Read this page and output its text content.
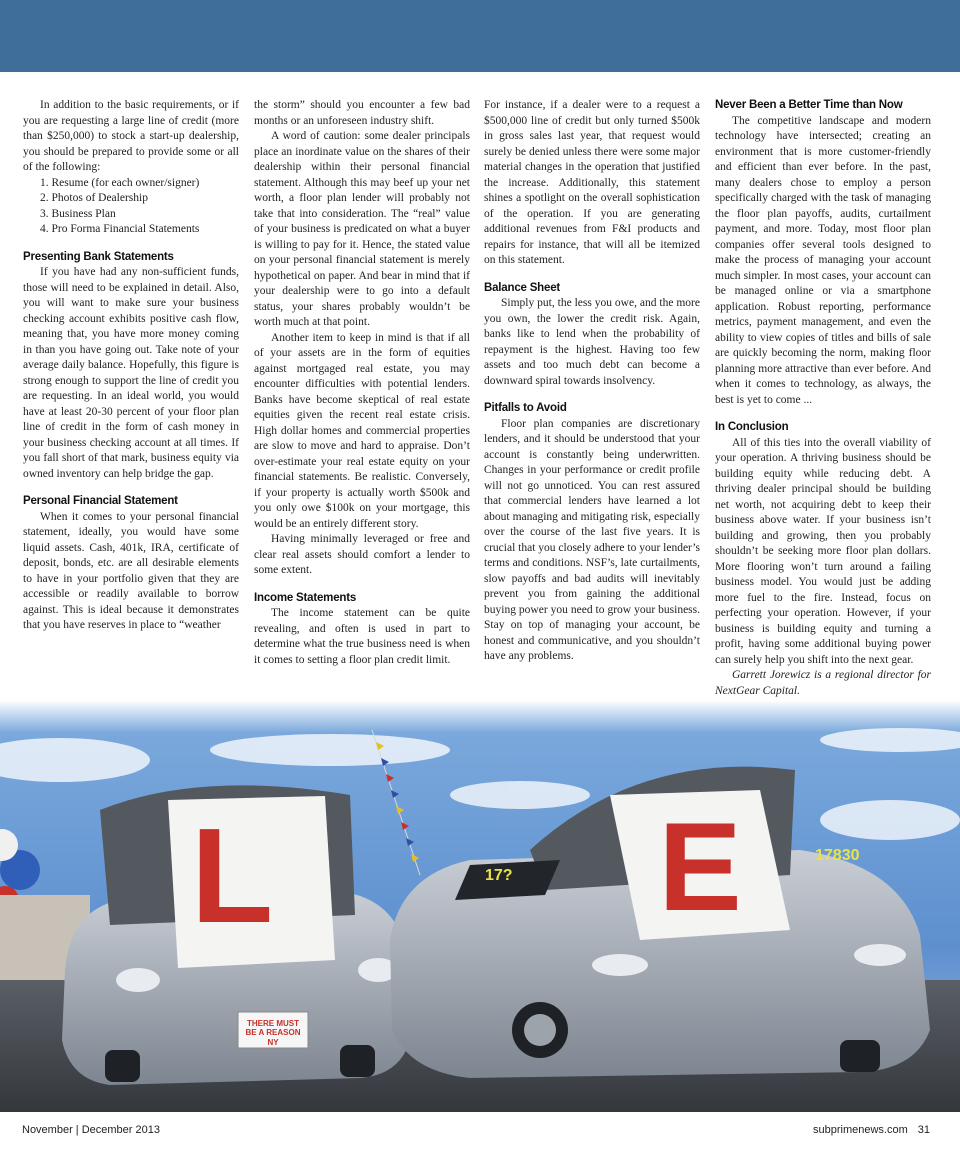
In addition to the basic requirements, or if you are requesting a large line of credit (more than $250,000) to stock a start-up dealership, you should be prepared to provide some or all of the following:

1. Resume (for each owner/signer)
2. Photos of Dealership
3. Business Plan
4. Pro Forma Financial Statements
Presenting Bank Statements

If you have had any non-sufficient funds, those will need to be explained in detail. Also, you will want to make sure your business checking account exhibits positive cash flow, meaning that, you have more money coming in than you have going out. Take note of your average daily balance. Hopefully, this figure is strong enough to support the line of credit you are requesting. In an ideal world, you would have at least 20-30 percent of your floor plan line of credit in the form of cash money in your business checking account at all times. If you fall short of that mark, business equity via owned inventory can help bridge the gap.

Personal Financial Statement

When it comes to your personal financial statement, ideally, you would have some liquid assets. Cash, 401k, IRA, certificate of deposit, bonds, etc. are all desirable elements to have in your portfolio given that they are accessible or readily available to borrow against. This is ideal because it demonstrates that you have reserves in place to “weather

the storm” should you encounter a few bad months or an unforeseen industry shift.

A word of caution: some dealer principals place an inordinate value on the shares of their dealership within their personal financial statement. Although this may beef up your net worth, a floor plan lender will probably not take that into consideration. The “real” value of your business is predicated on what a buyer is willing to pay for it. Hence, the stated value on your personal financial statement is merely hypothetical on paper. And bear in mind that if your dealership were to go into a default status, your shares probably wouldn’t be worth much at that point.

Another item to keep in mind is that if all of your assets are in the form of equities against mortgaged real estate, you may encounter difficulties with potential lenders. Banks have become skeptical of real estate equities given the recent real estate crisis. High dollar homes and commercial properties are slow to move and hard to appraise. Don’t over-estimate your real estate equity on your financial statements. Be realistic. Conversely, if your property is actually worth $500k and you only owe $100k on your mortgage, this would be an entirely different story.

Having minimally leveraged or free and clear real assets should comfort a lender to some extent.

Income Statements

The income statement can be quite revealing, and often is used in part to determine what the true business need is when it comes to setting a floor plan credit limit.

For instance, if a dealer were to a request a $500,000 line of credit but only turned $500k in gross sales last year, that request would surely be denied unless there were some major material changes in the operation that justified the increase. Additionally, this statement shines a spotlight on the overall sophistication of the operation. If you are generating additional revenues from F&I products and repairs for instance, that will all be itemized on this statement.

Balance Sheet

Simply put, the less you owe, and the more you own, the lower the credit risk. Again, banks like to lend when the probability of repayment is the highest. Having too few assets and too much debt can become a downward spiral towards insolvency.

Pitfalls to Avoid

Floor plan companies are discretionary lenders, and it should be understood that your account is constantly being underwritten. Changes in your performance or credit profile will not go unnoticed. You can rest assured that commercial lenders have learned a lot about managing and mitigating risk, especially over the course of the last five years. It is crucial that you closely adhere to your lender’s terms and conditions. NSF’s, late curtailments, slow payoffs and bad audits will inevitably prevent you from gaining the additional buying power you need to grow your business. Stay on top of managing your account, be honest and communicative, and you shouldn’t have any problems.

Never Been a Better Time than Now

The competitive landscape and modern technology have intersected; creating an environment that is more customer-friendly and efficient than ever before. In the past, many dealers chose to employ a person specifically charged with the task of managing the floor plan payoffs, audits, curtailment payment, and more. Today, most floor plan companies offer several tools designed to make the process of managing your account much simpler. In most cases, your account can be managed online or via a smartphone application. Robust reporting, performance metrics, payment management, and even the ability to view copies of titles and bills of sale are quickly becoming the norm, making floor planning more attractive than ever before. And when it comes to technology, as always, the best is yet to come ...

In Conclusion

All of this ties into the overall viability of your operation. A thriving business should be building equity while reducing debt. A thriving dealer principal should be building net worth, not acquiring debt to keep their business above water. If your business isn’t building and growing, then you probably shouldn’t be seeking more floor plan dollars. More flooring won’t turn around a failing business model. You would just be adding more fuel to the fire. Instead, focus on perfecting your operation. However, if your business is building equity and turning a profit, having some additional buying power can surely help you shift into the next gear.

Garrett Jorewicz is a regional director for NextGear Capital.

L
THERE MUST
BE A REASON
NY
17?
17830
E
November | December 2013	subprimenews.com 31
